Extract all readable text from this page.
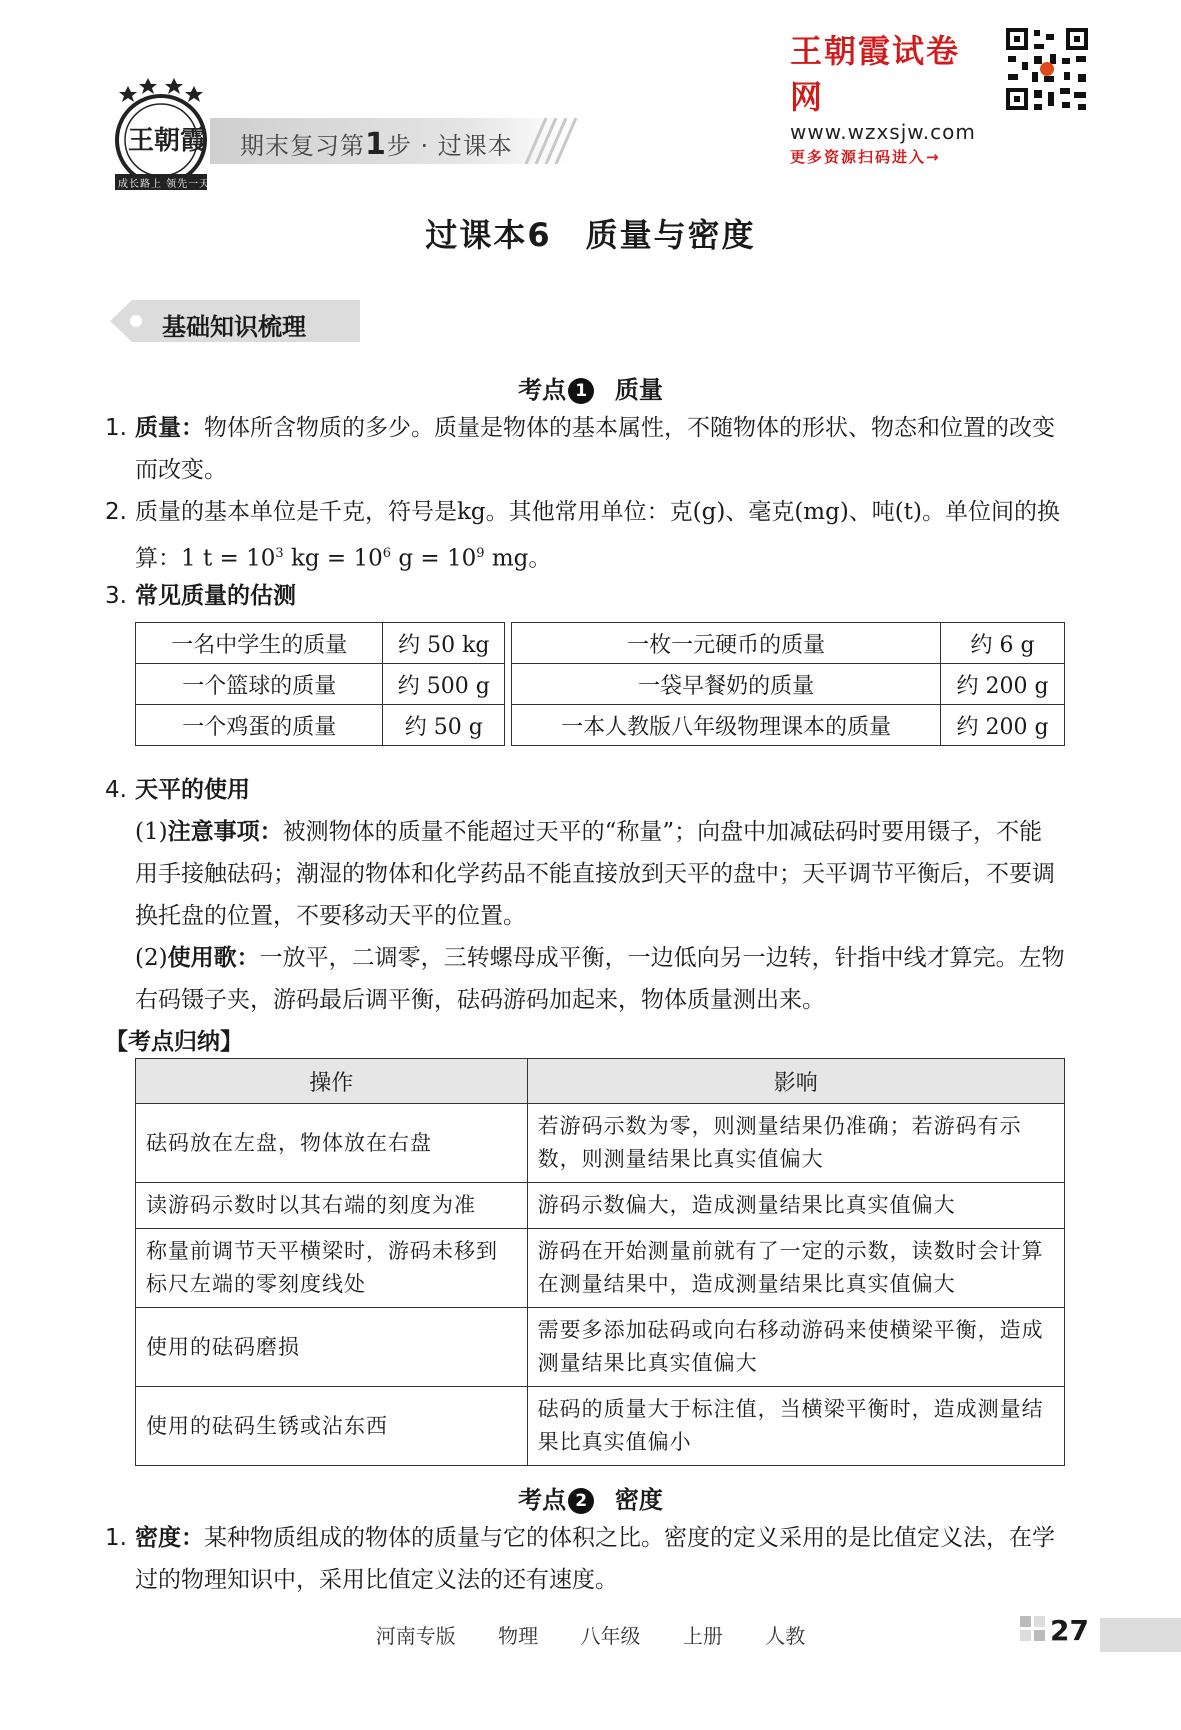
王朝霞
成长路上 领先一天
期末复习第1步 · 过课本
王朝霞试卷网
www.wzxsjw.com
更多资源扫码进入→
过课本6　质量与密度
基础知识梳理
考点 1 质量
1. 质量：物体所含物质的多少。质量是物体的基本属性，不随物体的形状、物态和位置的改变而改变。
2. 质量的基本单位是千克，符号是kg。其他常用单位：克(g)、毫克(mg)、吨(t)。单位间的换算：1 $t = 10^3$ kg = $10^6$ $g = 10^9$ mg。
3. 常见质量的估测
一名中学生的质量	约 50 kg		一枚一元硬币的质量	约 6 g
一个篮球的质量	约 500 g		一袋早餐奶的质量	约 200 g
一个鸡蛋的质量	约 50 g		一本人教版八年级物理课本的质量	约 200 g
4. 天平的使用
(1)注意事项：被测物体的质量不能超过天平的“称量”；向盘中加减砝码时要用镊子，不能用手接触砝码；潮湿的物体和化学药品不能直接放到天平的盘中；天平调节平衡后，不要调换托盘的位置，不要移动天平的位置。
(2)使用歌：一放平，二调零，三转螺母成平衡，一边低向另一边转，针指中线才算完。左物右码镊子夹，游码最后调平衡，砝码游码加起来，物体质量测出来。
【考点归纳】
操作	影响
砝码放在左盘，物体放在右盘	若游码示数为零，则测量结果仍准确；若游码有示数，则测量结果比真实值偏大
读游码示数时以其右端的刻度为准	游码示数偏大，造成测量结果比真实值偏大
称量前调节天平横梁时，游码未移到标尺左端的零刻度线处	游码在开始测量前就有了一定的示数，读数时会计算在测量结果中，造成测量结果比真实值偏大
使用的砝码磨损	需要多添加砝码或向右移动游码来使横梁平衡，造成测量结果比真实值偏大
使用的砝码生锈或沾东西	砝码的质量大于标注值，当横梁平衡时，造成测量结果比真实值偏小
考点 2 密度
1. 密度：某种物质组成的物体的质量与它的体积之比。密度的定义采用的是比值定义法，在学过的物理知识中，采用比值定义法的还有速度。
河南专版 物理 八年级 上册 人教	27
